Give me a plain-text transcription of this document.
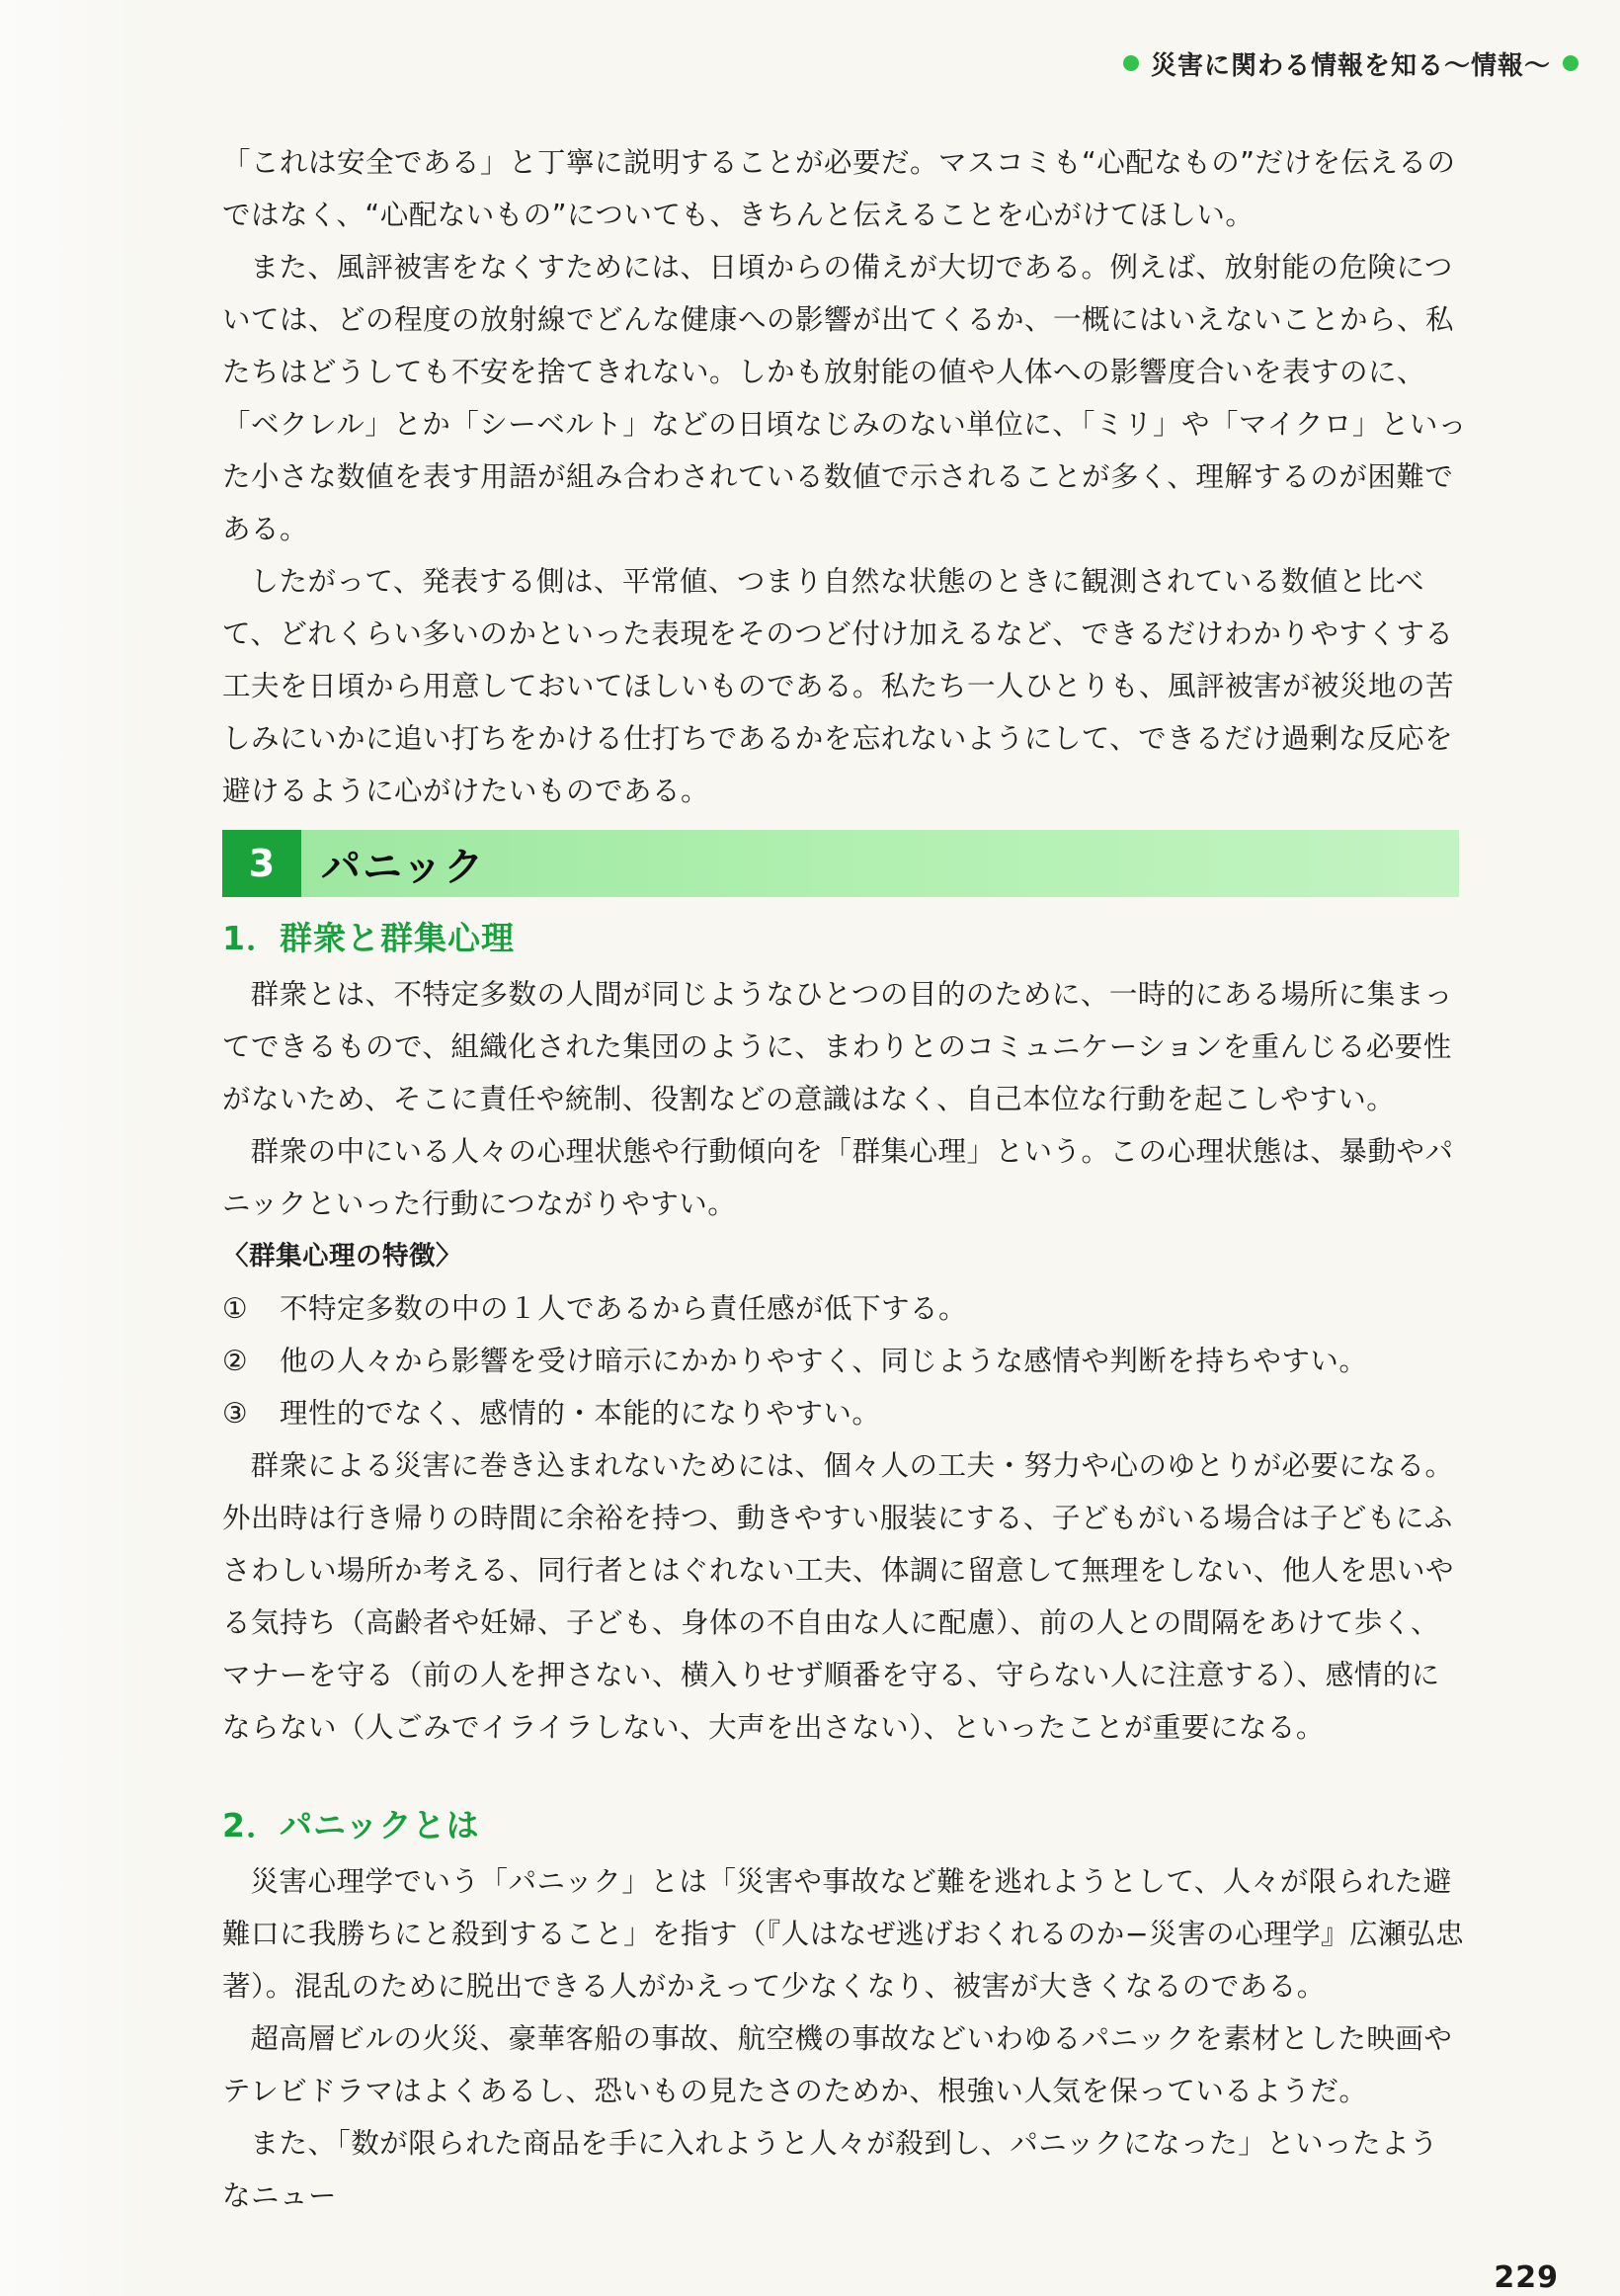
災害に関わる情報を知る〜情報〜

「これは安全である」と丁寧に説明することが必要だ。マスコミも“心配なもの”だけを伝えるのではなく、“心配ないもの”についても、きちんと伝えることを心がけてほしい。

また、風評被害をなくすためには、日頃からの備えが大切である。例えば、放射能の危険については、どの程度の放射線でどんな健康への影響が出てくるか、一概にはいえないことから、私たちはどうしても不安を捨てきれない。しかも放射能の値や人体への影響度合いを表すのに、「ベクレル」とか「シーベルト」などの日頃なじみのない単位に、「ミリ」や「マイクロ」といった小さな数値を表す用語が組み合わされている数値で示されることが多く、理解するのが困難である。

したがって、発表する側は、平常値、つまり自然な状態のときに観測されている数値と比べて、どれくらい多いのかといった表現をそのつど付け加えるなど、できるだけわかりやすくする工夫を日頃から用意しておいてほしいものである。私たち一人ひとりも、風評被害が被災地の苦しみにいかに追い打ちをかける仕打ちであるかを忘れないようにして、できるだけ過剰な反応を避けるように心がけたいものである。

3	パニック
1．群衆と群集心理

群衆とは、不特定多数の人間が同じようなひとつの目的のために、一時的にある場所に集まってできるもので、組織化された集団のように、まわりとのコミュニケーションを重んじる必要性がないため、そこに責任や統制、役割などの意識はなく、自己本位な行動を起こしやすい。

群衆の中にいる人々の心理状態や行動傾向を「群集心理」という。この心理状態は、暴動やパニックといった行動につながりやすい。

〈群集心理の特徴〉

①	不特定多数の中の１人であるから責任感が低下する。
②	他の人々から影響を受け暗示にかかりやすく、同じような感情や判断を持ちやすい。
③	理性的でなく、感情的・本能的になりやすい。

群衆による災害に巻き込まれないためには、個々人の工夫・努力や心のゆとりが必要になる。外出時は行き帰りの時間に余裕を持つ、動きやすい服装にする、子どもがいる場合は子どもにふさわしい場所か考える、同行者とはぐれない工夫、体調に留意して無理をしない、他人を思いやる気持ち（高齢者や妊婦、子ども、身体の不自由な人に配慮）、前の人との間隔をあけて歩く、マナーを守る（前の人を押さない、横入りせず順番を守る、守らない人に注意する）、感情的にならない（人ごみでイライラしない、大声を出さない）、といったことが重要になる。

2．パニックとは

災害心理学でいう「パニック」とは「災害や事故など難を逃れようとして、人々が限られた避難口に我勝ちにと殺到すること」を指す（『人はなぜ逃げおくれるのか−災害の心理学』広瀬弘忠著）。混乱のために脱出できる人がかえって少なくなり、被害が大きくなるのである。

超高層ビルの火災、豪華客船の事故、航空機の事故などいわゆるパニックを素材とした映画やテレビドラマはよくあるし、恐いもの見たさのためか、根強い人気を保っているようだ。

また、「数が限られた商品を手に入れようと人々が殺到し、パニックになった」といったようなニュー

229
